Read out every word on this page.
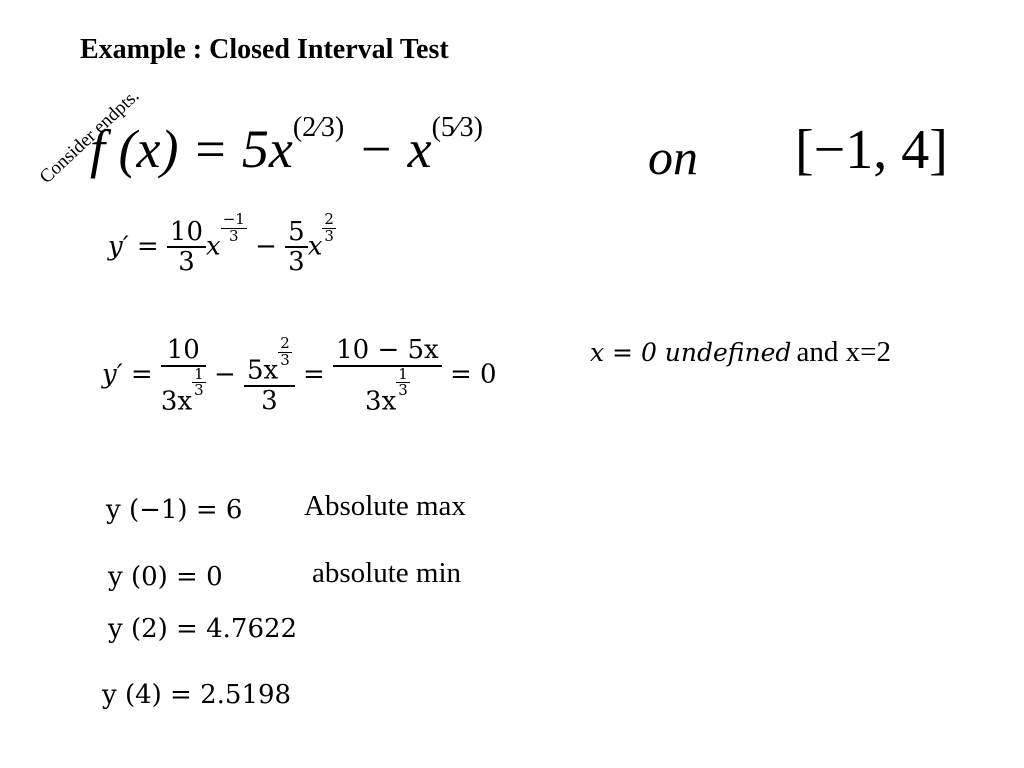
Example : Closed Interval Test
Consider endpts.
f $(x) = 5x^{(2⁄3)} - x^{(5⁄3)}$
on [−1, 4]
$y' = \frac{10}{3}$ x
$\frac{-1}{3}$
− $\frac{5}{3}$ x
$\frac{2}{3}$
y′ = 10
3x
$\frac{1}{3} - 5x$
$\frac{2}{3}$
3 = 10 − 5x
3x
$\frac{1}{3} = 0$
x = 0 undefined and x=2
y (−1) = 6 Absolute max
y (0) = 0	absolute min
y (2) = 4.7622
y (4) = 2.5198
